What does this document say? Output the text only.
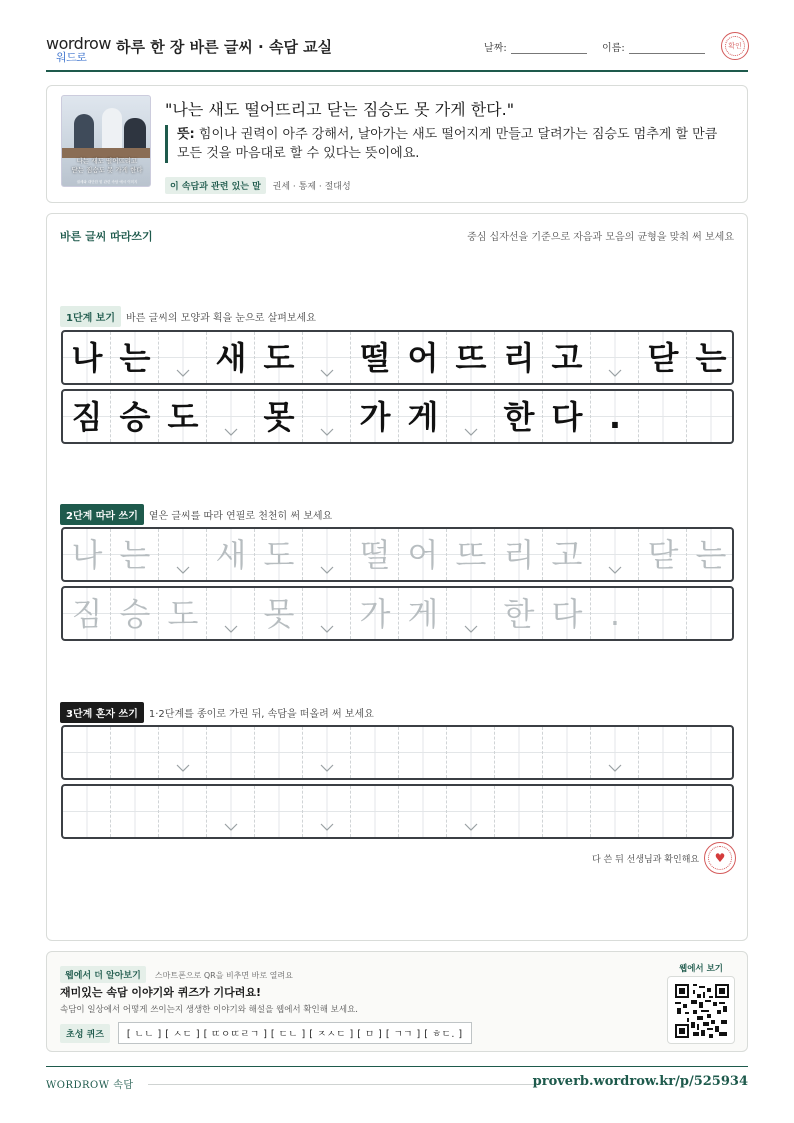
wordrow
워드로
하루 한 장 바른 글씨 · 속담 교실	날짜:	이름:	확인
나는 새도 떨어뜨리고
닫는 짐승도 못 가게 한다
권세와 대단한 힘 관련 속담 예시 이미지
"나는 새도 떨어뜨리고 닫는 짐승도 못 가게 한다."
뜻: 힘이나 권력이 아주 강해서, 날아가는 새도 떨어지게 만들고 달려가는 짐승도 멈추게 할 만큼 모든 것을 마음대로 할 수 있다는 뜻이에요.
이 속담과 관련 있는 말 권세 · 통제 · 절대성
바른 글씨 따라쓰기	중심 십자선을 기준으로 자음과 모음의 균형을 맞춰 써 보세요
1단계 보기 바른 글씨의 모양과 획을 눈으로 살펴보세요
나 는 새 도 떨 어 뜨 리 고 닫 는
짐 승 도 못 가 게 한 다 .
2단계 따라 쓰기 옅은 글씨를 따라 연필로 천천히 써 보세요
나 는 새 도 떨 어 뜨 리 고 닫 는
짐 승 도 못 가 게 한 다 .
3단계 혼자 쓰기 1·2단계를 종이로 가린 뒤, 속담을 떠올려 써 보세요
다 쓴 뒤 선생님과 확인해요 ♥
웹에서 더 알아보기 스마트폰으로 QR을 비추면 바로 열려요
재미있는 속담 이야기와 퀴즈가 기다려요!
속담이 일상에서 어떻게 쓰이는지 생생한 이야기와 해설을 웹에서 확인해 보세요.
초성 퀴즈	[ ㄴㄴ ] [ ㅅㄷ ] [ ㄸㅇㄸㄹㄱ ] [ ㄷㄴ ] [ ㅈㅅㄷ ] [ ㅁ ] [ ㄱㄱ ] [ ㅎㄷ. ]
웹에서 보기
WORDROW 속담	proverb.wordrow.kr/p/525934
